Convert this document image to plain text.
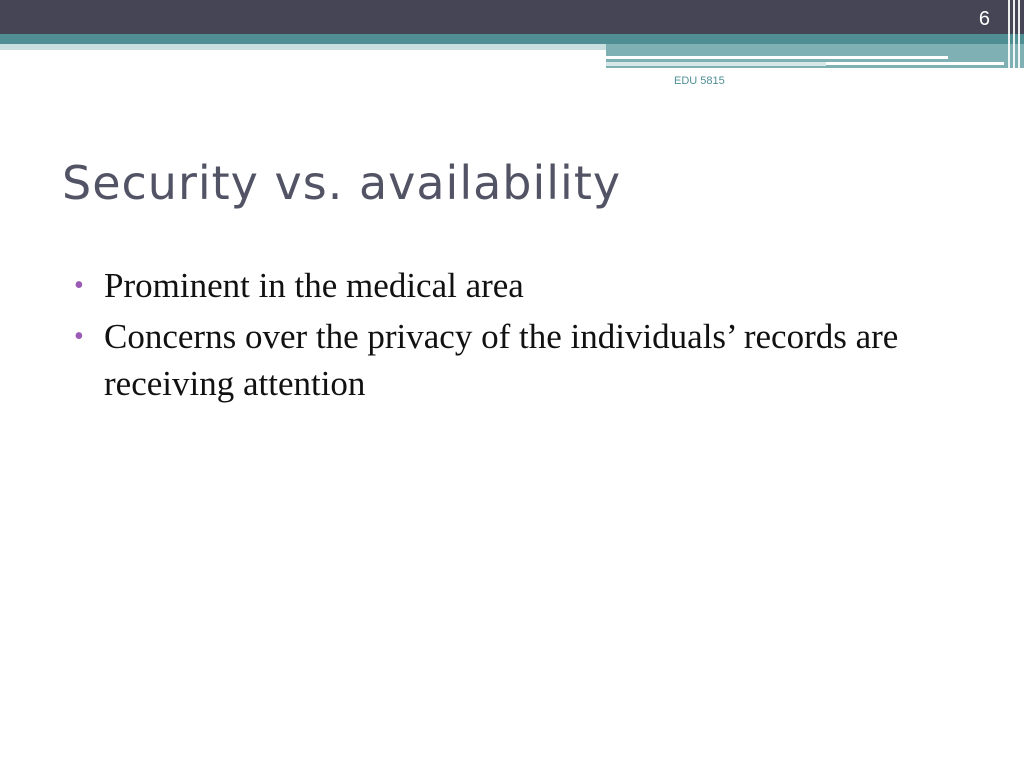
6
EDU 5815
Security vs. availability
• Prominent in the medical area
• Concerns over the privacy of the individuals’ records are receiving attention
